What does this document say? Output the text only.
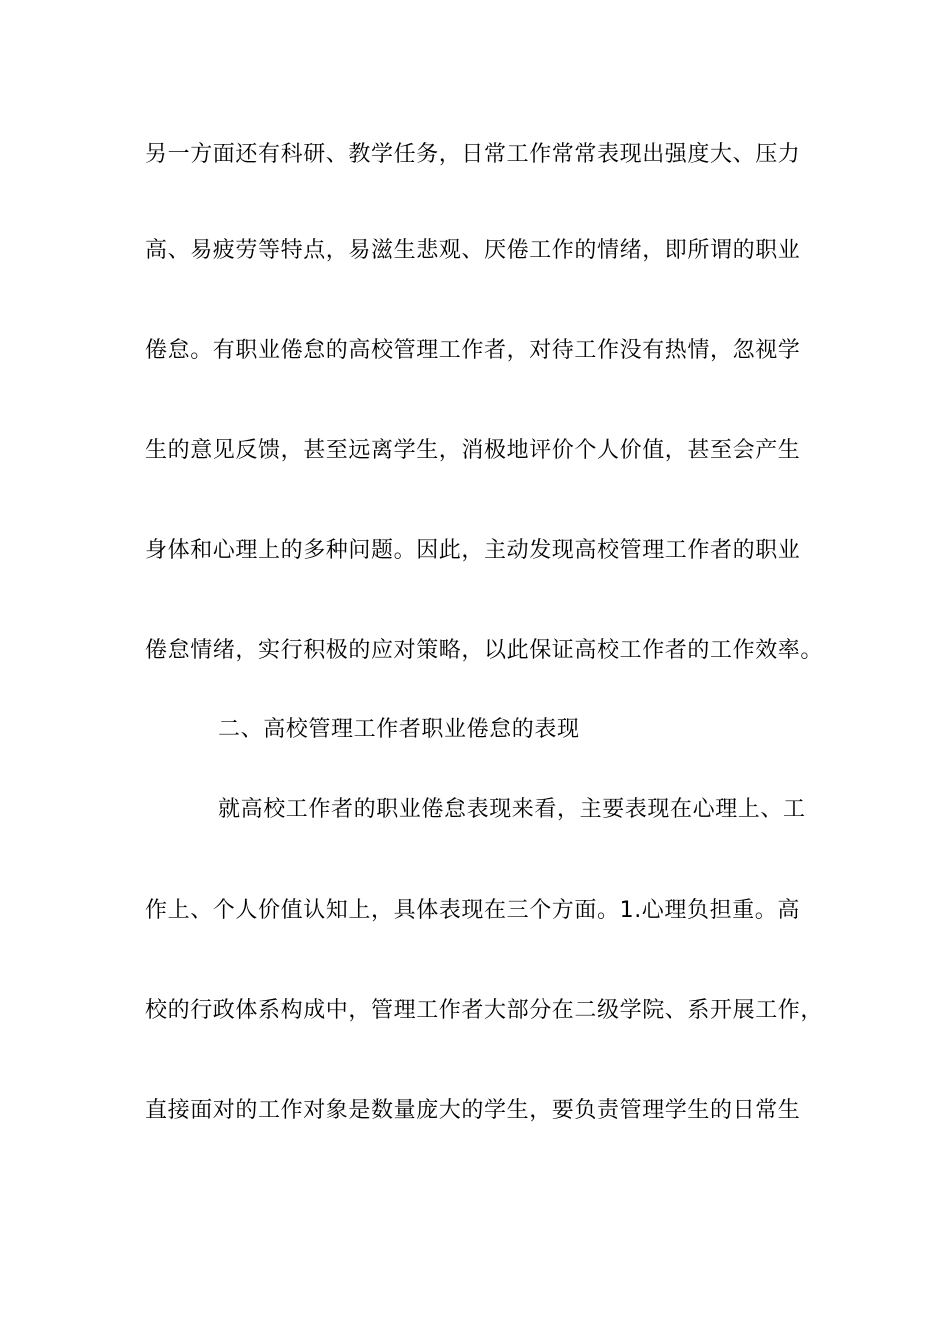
另一方面还有科研、教学任务，日常工作常常表现出强度大、压力
高、易疲劳等特点，易滋生悲观、厌倦工作的情绪，即所谓的职业
倦怠。有职业倦怠的高校管理工作者，对待工作没有热情，忽视学
生的意见反馈，甚至远离学生，消极地评价个人价值，甚至会产生
身体和心理上的多种问题。因此，主动发现高校管理工作者的职业
倦怠情绪，实行积极的应对策略，以此保证高校工作者的工作效率。
二、高校管理工作者职业倦怠的表现
就高校工作者的职业倦怠表现来看，主要表现在心理上、工
作上、个人价值认知上，具体表现在三个方面。1.心理负担重。高
校的行政体系构成中，管理工作者大部分在二级学院、系开展工作，
直接面对的工作对象是数量庞大的学生，要负责管理学生的日常生
